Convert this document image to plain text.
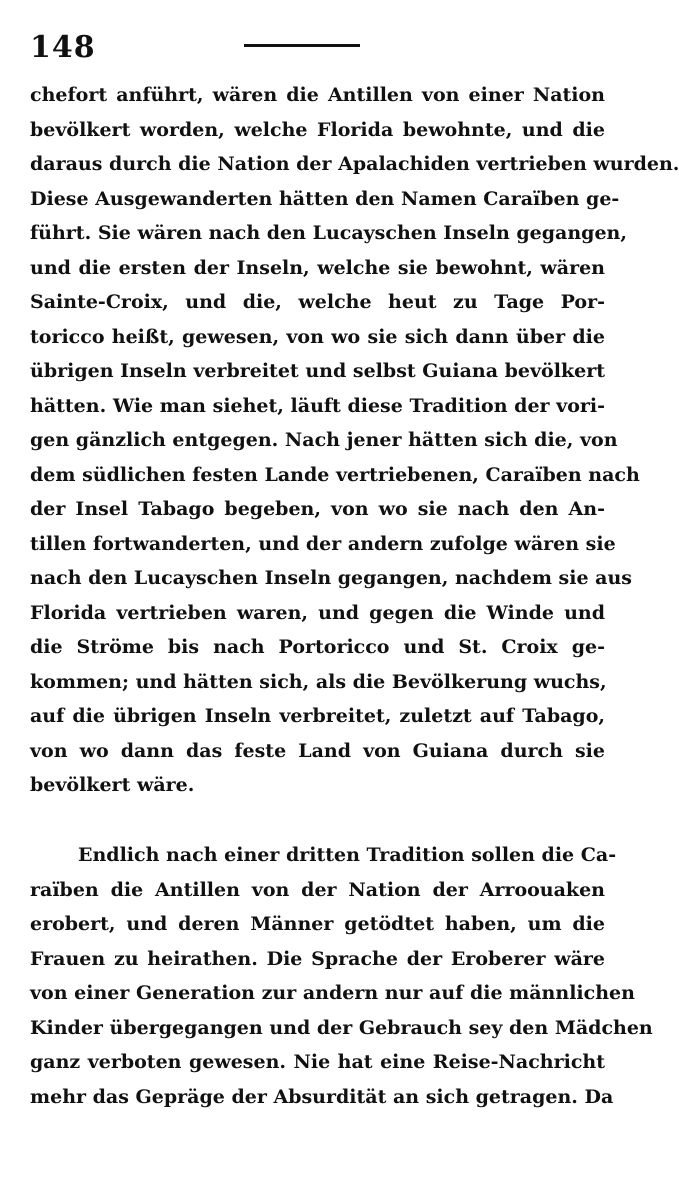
148
chefort anführt, wären die Antillen von einer Nation
bevölkert worden, welche Florida bewohnte, und die
daraus durch die Nation der Apalachiden vertrieben wurden.
Diese Ausgewanderten hätten den Namen Caraïben ge-
führt. Sie wären nach den Lucayschen Inseln gegangen,
und die ersten der Inseln, welche sie bewohnt, wären
Sainte-Croix, und die, welche heut zu Tage Por-
toricco heißt, gewesen, von wo sie sich dann über die
übrigen Inseln verbreitet und selbst Guiana bevölkert
hätten. Wie man siehet, läuft diese Tradition der vori-
gen gänzlich entgegen. Nach jener hätten sich die, von
dem südlichen festen Lande vertriebenen, Caraïben nach
der Insel Tabago begeben, von wo sie nach den An-
tillen fortwanderten, und der andern zufolge wären sie
nach den Lucayschen Inseln gegangen, nachdem sie aus
Florida vertrieben waren, und gegen die Winde und
die Ströme bis nach Portoricco und St. Croix ge-
kommen; und hätten sich, als die Bevölkerung wuchs,
auf die übrigen Inseln verbreitet, zuletzt auf Tabago,
von wo dann das feste Land von Guiana durch sie
bevölkert wäre.
Endlich nach einer dritten Tradition sollen die Ca-
raïben die Antillen von der Nation der Arroouaken
erobert, und deren Männer getödtet haben, um die
Frauen zu heirathen. Die Sprache der Eroberer wäre
von einer Generation zur andern nur auf die männlichen
Kinder übergegangen und der Gebrauch sey den Mädchen
ganz verboten gewesen. Nie hat eine Reise-Nachricht
mehr das Gepräge der Absurdität an sich getragen. Da
